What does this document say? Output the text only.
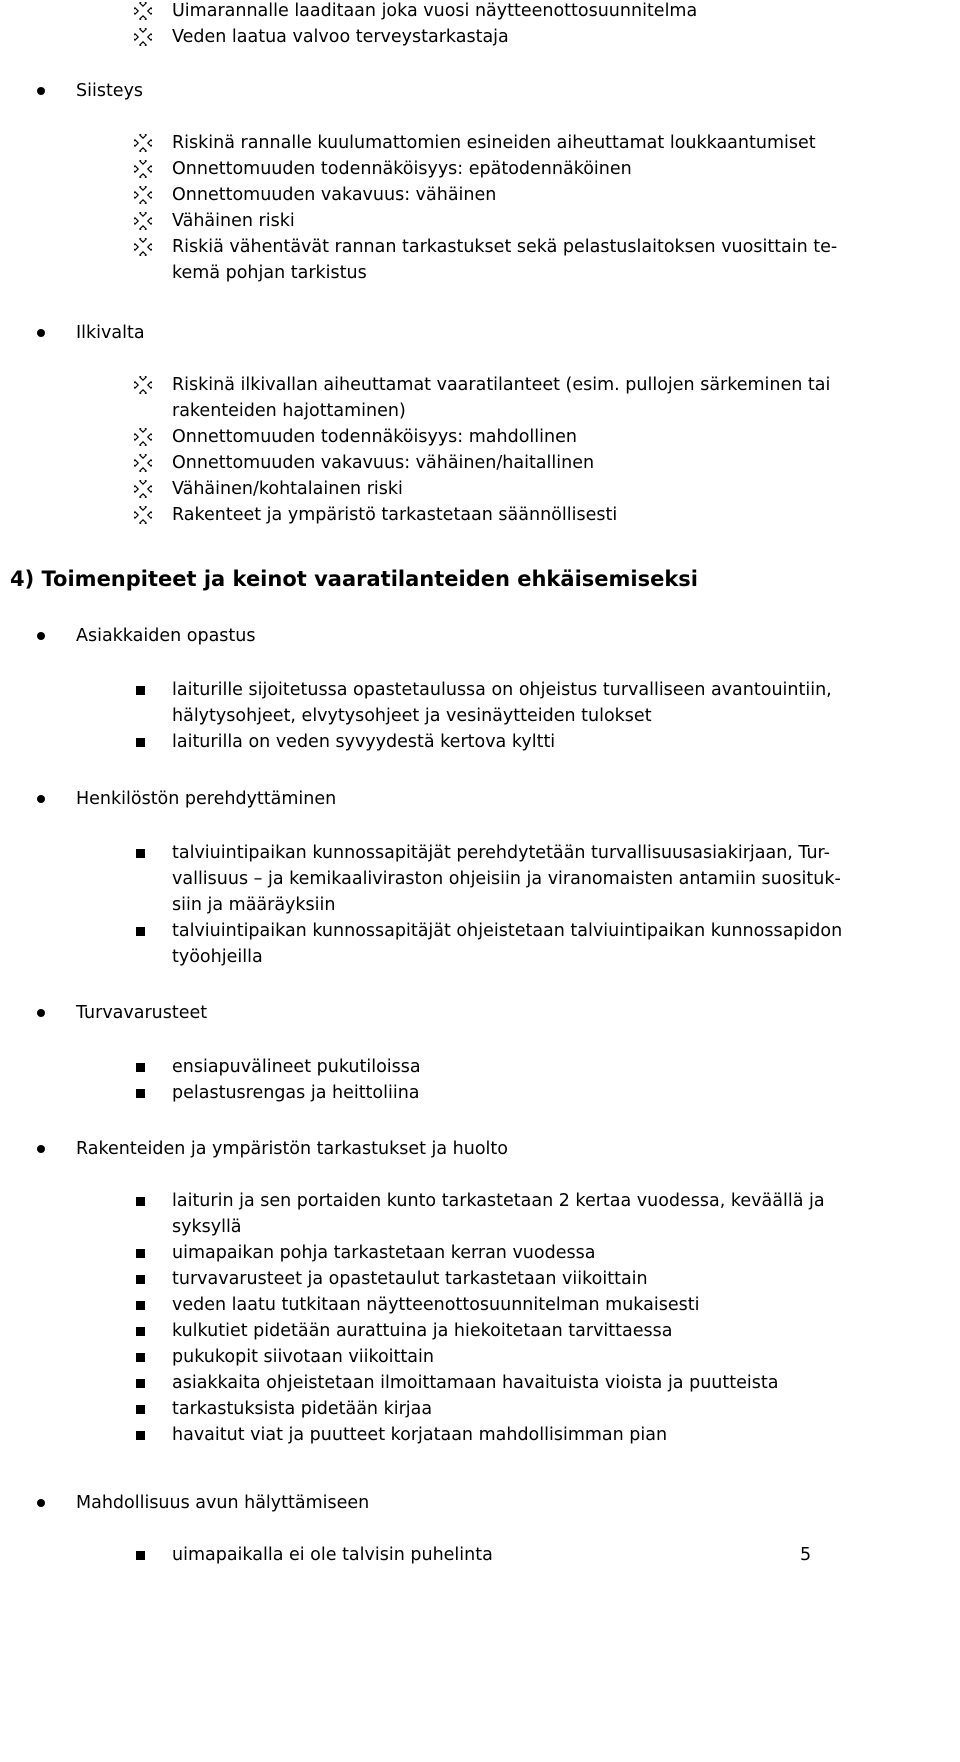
Uimarannalle laaditaan joka vuosi näytteenottosuunnitelma
Veden laatua valvoo terveystarkastaja
Siisteys
Riskinä rannalle kuulumattomien esineiden aiheuttamat loukkaantumiset
Onnettomuuden todennäköisyys: epätodennäköinen
Onnettomuuden vakavuus: vähäinen
Vähäinen riski
Riskiä vähentävät rannan tarkastukset sekä pelastuslaitoksen vuosittain te-
kemä pohjan tarkistus
Ilkivalta
Riskinä ilkivallan aiheuttamat vaaratilanteet (esim. pullojen särkeminen tai
rakenteiden hajottaminen)
Onnettomuuden todennäköisyys: mahdollinen
Onnettomuuden vakavuus: vähäinen/haitallinen
Vähäinen/kohtalainen riski
Rakenteet ja ympäristö tarkastetaan säännöllisesti
4) Toimenpiteet ja keinot vaaratilanteiden ehkäisemiseksi
Asiakkaiden opastus
laiturille sijoitetussa opastetaulussa on ohjeistus turvalliseen avantouintiin,
hälytysohjeet, elvytysohjeet ja vesinäytteiden tulokset
laiturilla on veden syvyydestä kertova kyltti
Henkilöstön perehdyttäminen
talviuintipaikan kunnossapitäjät perehdytetään turvallisuusasiakirjaan, Tur-
vallisuus – ja kemikaaliviraston ohjeisiin ja viranomaisten antamiin suosituk-
siin ja määräyksiin
talviuintipaikan kunnossapitäjät ohjeistetaan talviuintipaikan kunnossapidon
työohjeilla
Turvavarusteet
ensiapuvälineet pukutiloissa
pelastusrengas ja heittoliina
Rakenteiden ja ympäristön tarkastukset ja huolto
laiturin ja sen portaiden kunto tarkastetaan 2 kertaa vuodessa, keväällä ja
syksyllä
uimapaikan pohja tarkastetaan kerran vuodessa
turvavarusteet ja opastetaulut tarkastetaan viikoittain
veden laatu tutkitaan näytteenottosuunnitelman mukaisesti
kulkutiet pidetään aurattuina ja hiekoitetaan tarvittaessa
pukukopit siivotaan viikoittain
asiakkaita ohjeistetaan ilmoittamaan havaituista vioista ja puutteista
tarkastuksista pidetään kirjaa
havaitut viat ja puutteet korjataan mahdollisimman pian
Mahdollisuus avun hälyttämiseen
uimapaikalla ei ole talvisin puhelinta	5
